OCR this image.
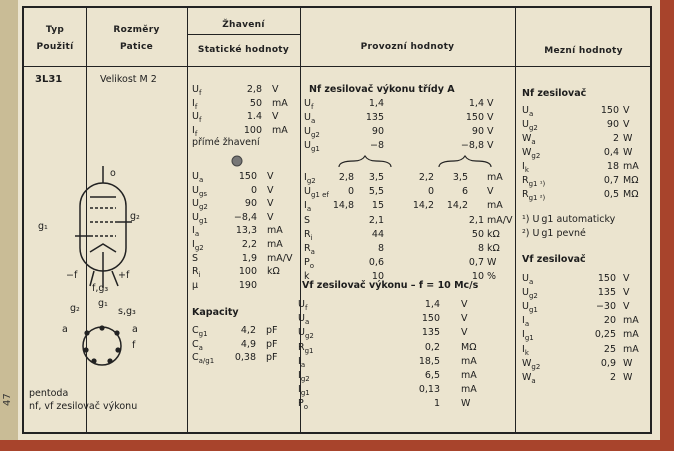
47
Typ
Použití
Rozměry
Patice
Žhavení
Statické hodnoty	Provozní hodnoty	Mezní hodnoty
3L31	Velikost M 2
o
g₁
g₂
−f	+f
f,g₃
g₂ g₁
s,g₃
a	a
f
pentoda
nf, vf zesilovač výkonu
$U_f$	2,8 V
$I_f$	50 mA
$U_f$	1.4 V
$I_f$	100 mA
přímé žhavení
$U_a$	150 V
$U_{gs}$	0 V
$U_{g2}$	90 V
$U_{g1}$	−8,4 V
$I_a$	13,3 mA
$I_{g2}$	2,2 mA
S	1,9 mA/V
$R_i$	100 kΩ
μ	190
Kapacity
$C_{g1}$	4,2 pF
$C_a$	4,9 pF
$C_{a/g1}$	0,38 pF
Nf zesilovač výkonu třídy A
$U_f$	1,4	1,4 V
$U_a$	135	150 V
$U_{g2}$	90	90 V
$U_{g1}$	−8	−8,8 V
$I_{g2}$	2,8	3,5	2,2	3,5 mA
$U_{g1 ef}$	0	5,5	0	6 V
$I_a$ 14,8	15	14,2 14,2 mA
S	2,1	2,1 mA/V
$R_i$	44	50 kΩ
$R_a$	8	8 kΩ
$P_o$	0,6	0,7 W
k	10	10 %
Vf zesilovač výkonu – f = 10 Mc/s
$U_f$	1,4 V
$U_a$	150 V
$U_{g2}$	135 V
$R_{g1}$	0,2 MΩ
$I_a$	18,5 mA
$I_{g2}$	6,5 mA
$I_{g1}$	0,13 mA
$P_o$	1 W
Nf zesilovač
$U_a$	150 V
$U_{g2}$	90 V
$W_a$	2 W
$W_{g2}$	0,4 W
$I_k$	18 mA
$R_{g1 ^1)}$	0,7 MΩ
$R_{g1 ^2)}$	0,5 MΩ
¹) U g1 automaticky
²) U g1 pevné
Vf zesilovač
$U_a$	150 V
$U_{g2}$	135 V
$U_{g1}$	−30 V
$I_a$	20 mA
$I_{g1}$	0,25 mA
$I_k$	25 mA
$W_{g2}$	0,9 W
$W_a$	2 W
